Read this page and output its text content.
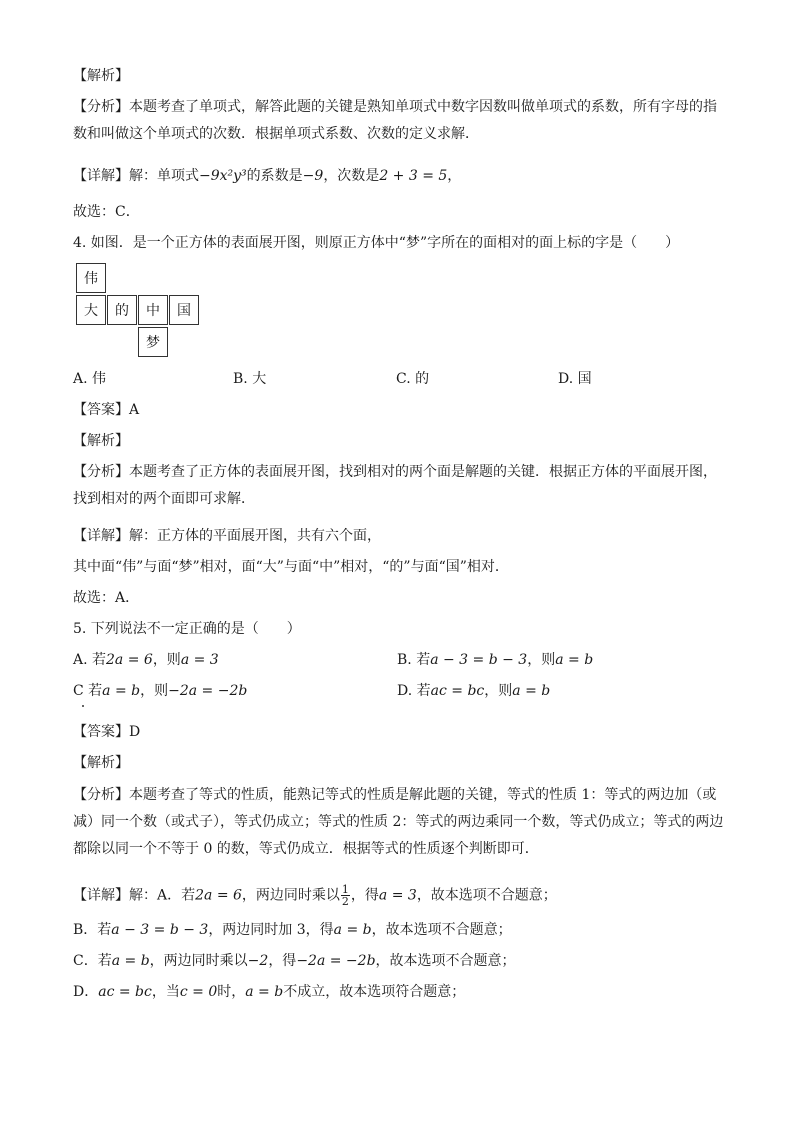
【解析】
【分析】本题考查了单项式，解答此题的关键是熟知单项式中数字因数叫做单项式的系数，所有字母的指数和叫做这个单项式的次数．根据单项式系数、次数的定义求解．
【详解】解：单项式−9x²y³的系数是−9，次数是2 + 3 = 5，
故选：C．
4. 如图．是一个正方体的表面展开图，则原正方体中“梦”字所在的面相对的面上标的字是（　　）
伟
大	的	中	国
梦
A. 伟	B. 大	C. 的	D. 国
【答案】A
【解析】
【分析】本题考查了正方体的表面展开图，找到相对的两个面是解题的关键．根据正方体的平面展开图，找到相对的两个面即可求解．
【详解】解：正方体的平面展开图，共有六个面，
其中面“伟”与面“梦”相对，面“大”与面“中”相对，“的”与面“国”相对．
故选：A．
5. 下列说法不一定正确的是（　　）
A. 若2a = 6，则a = 3	B. 若a − 3 = b − 3，则a = b
C 若a = b，则−2a = −2b	D. 若ac = bc，则a = b
【答案】D
【解析】
【分析】本题考查了等式的性质，能熟记等式的性质是解此题的关键，等式的性质 1：等式的两边加（或减）同一个数（或式子），等式仍成立；等式的性质 2：等式的两边乘同一个数，等式仍成立；等式的两边都除以同一个不等于 0 的数，等式仍成立．根据等式的性质逐个判断即可．
【详解】解：A．若2a = 6，两边同时乘以 $\frac{1}{2}$ ，得a = 3，故本选项不合题意；
B．若a − 3 = b − 3，两边同时加 3，得a = b，故本选项不合题意；
C．若a = b，两边同时乘以−2，得−2a = −2b，故本选项不合题意；
D．ac = bc，当c = 0时，a = b不成立，故本选项符合题意；
